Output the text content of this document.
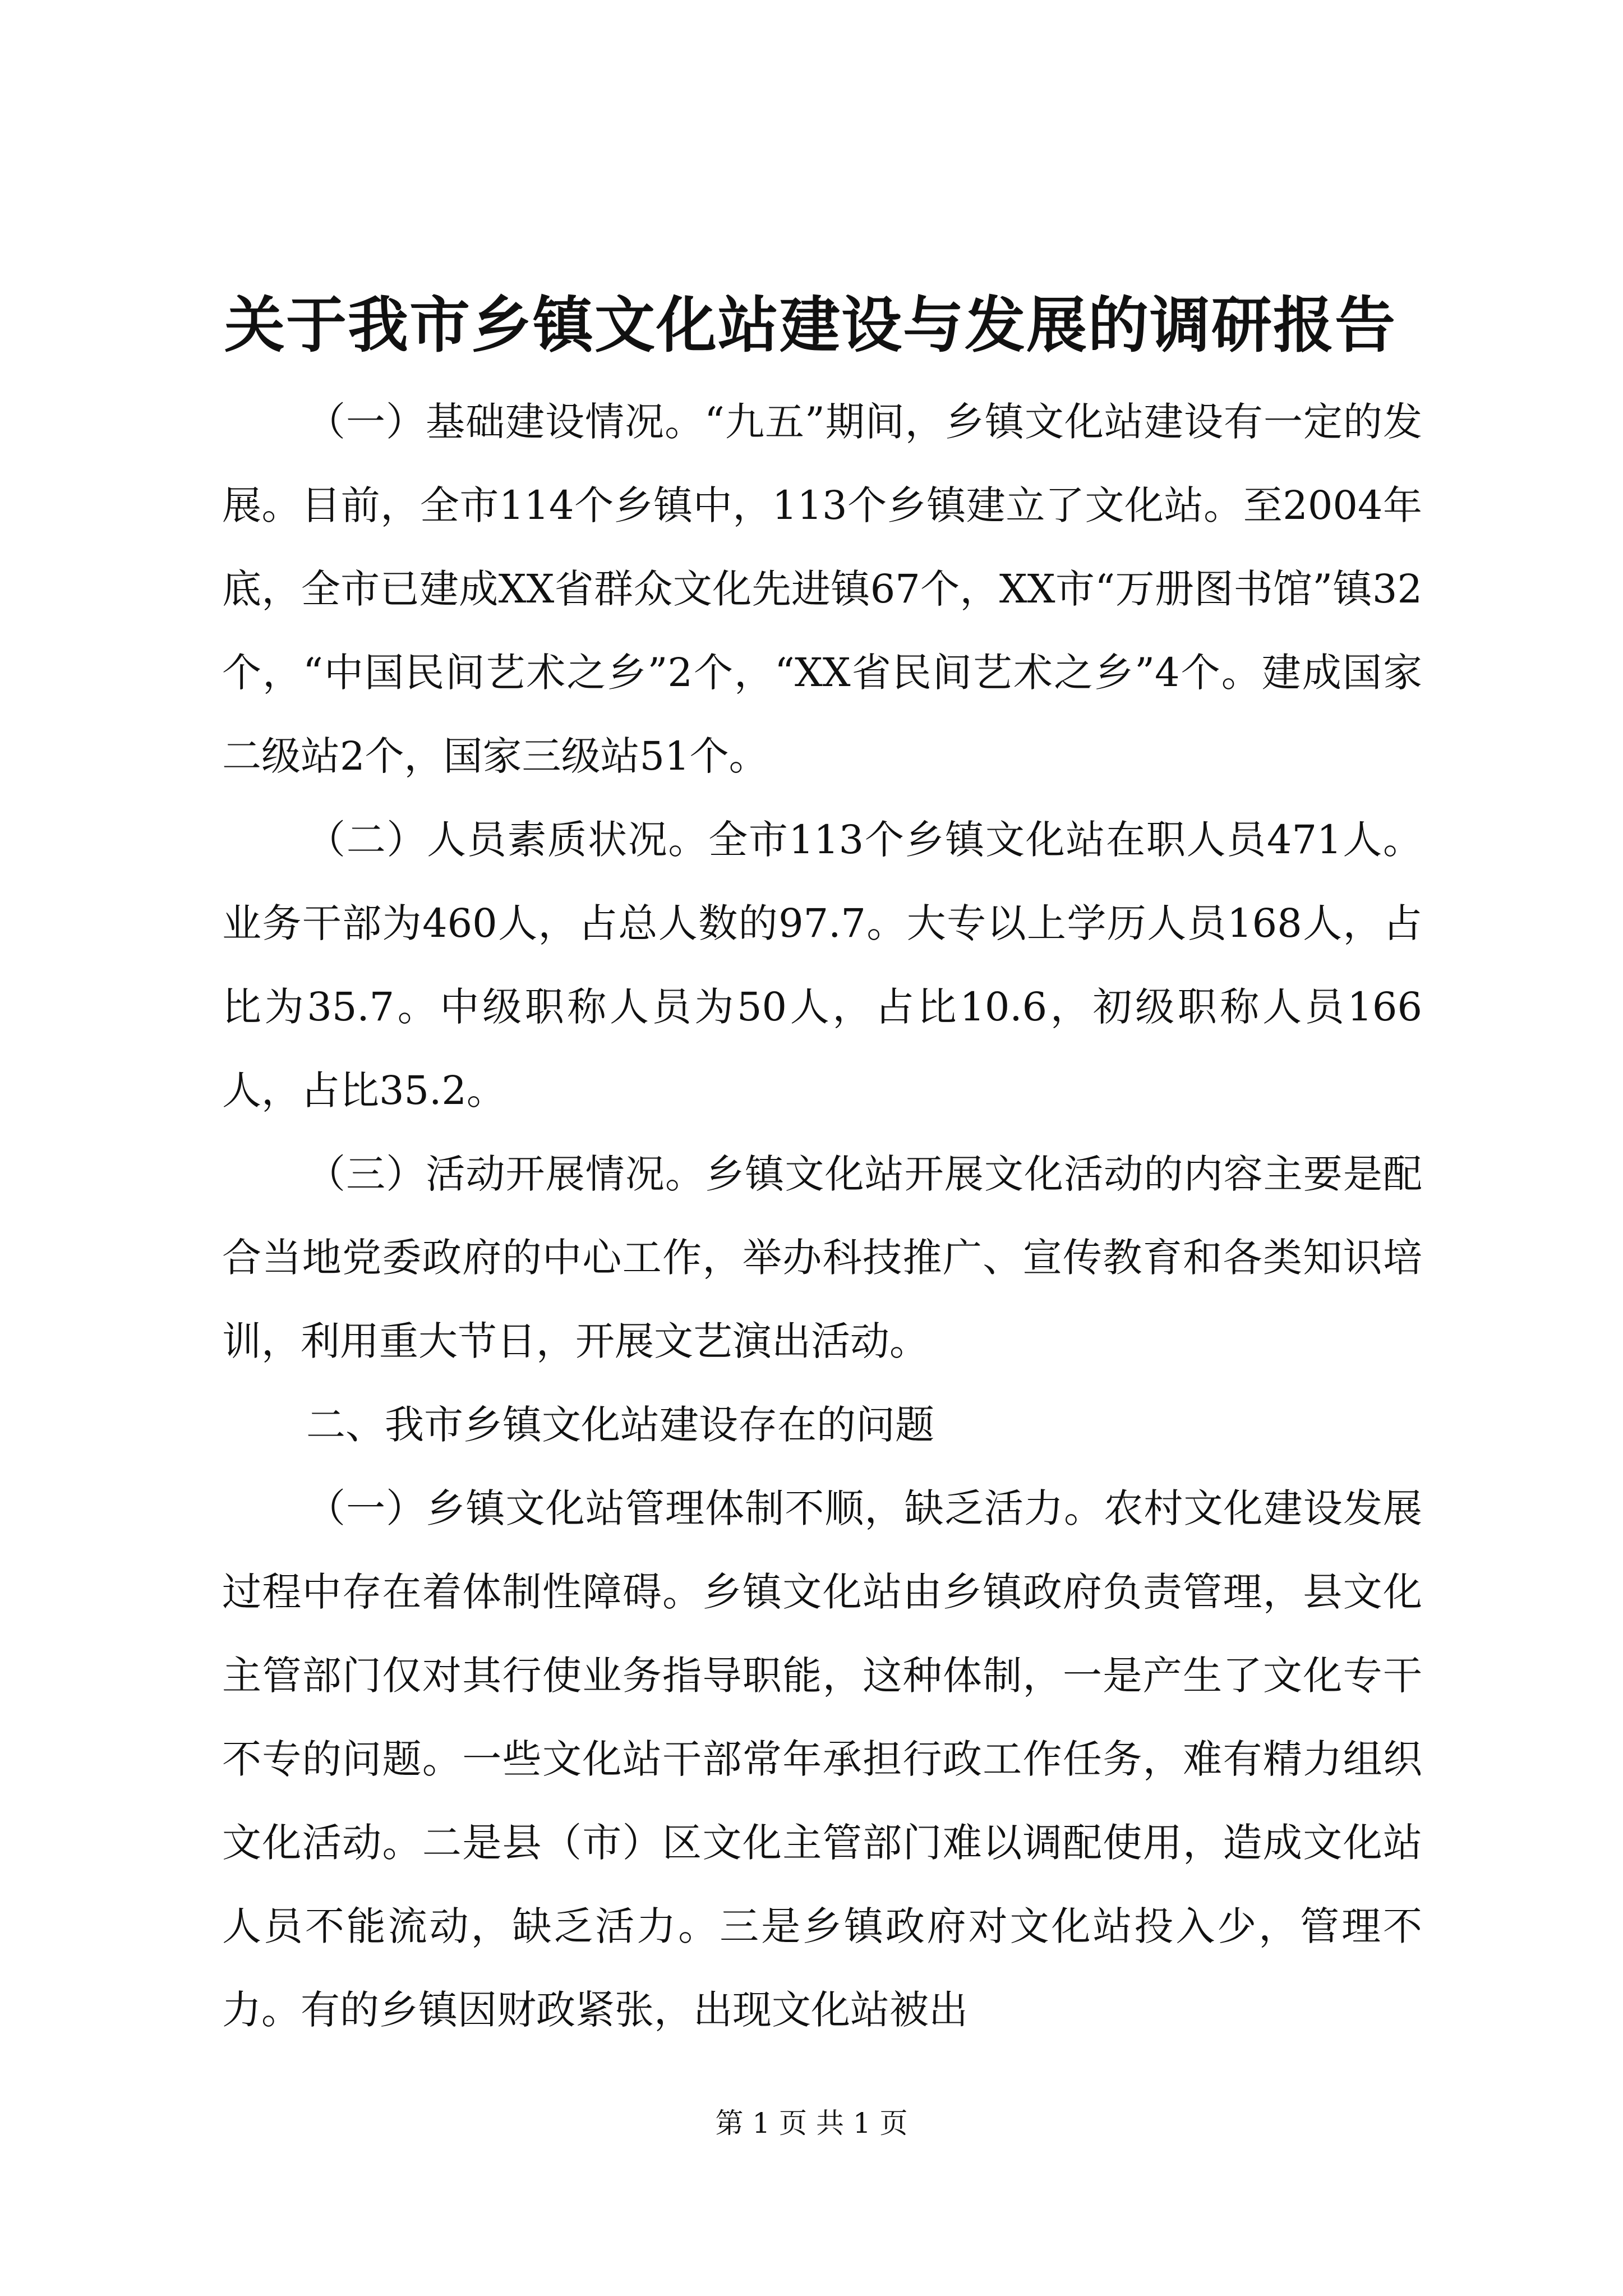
关于我市乡镇文化站建设与发展的调研报告

（一）基础建设情况。“九五”期间，乡镇文化站建设有一定的发展。目前，全市114个乡镇中，113个乡镇建立了文化站。至2004年底，全市已建成XX省群众文化先进镇67个，XX市“万册图书馆”镇32个，“中国民间艺术之乡”2个，“XX省民间艺术之乡”4个。建成国家二级站2个，国家三级站51个。

（二）人员素质状况。全市113个乡镇文化站在职人员471人。业务干部为460人，占总人数的97.7。大专以上学历人员168人，占比为35.7。中级职称人员为50人，占比10.6，初级职称人员166人，占比35.2。

（三）活动开展情况。乡镇文化站开展文化活动的内容主要是配合当地党委政府的中心工作，举办科技推广、宣传教育和各类知识培训，利用重大节日，开展文艺演出活动。

二、我市乡镇文化站建设存在的问题

（一）乡镇文化站管理体制不顺，缺乏活力。农村文化建设发展过程中存在着体制性障碍。乡镇文化站由乡镇政府负责管理，县文化主管部门仅对其行使业务指导职能，这种体制，一是产生了文化专干不专的问题。一些文化站干部常年承担行政工作任务，难有精力组织文化活动。二是县（市）区文化主管部门难以调配使用，造成文化站人员不能流动，缺乏活力。三是乡镇政府对文化站投入少，管理不力。有的乡镇因财政紧张，出现文化站被出

第 1 页 共 1 页
